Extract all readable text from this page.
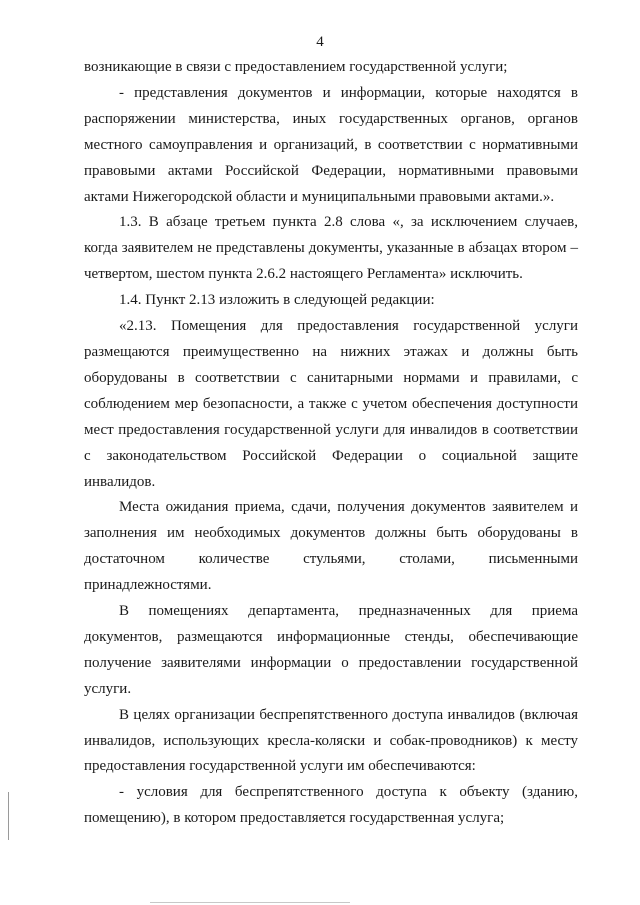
4

возникающие в связи с предоставлением государственной услуги;

- представления документов и информации, которые находятся в распоряжении министерства, иных государственных органов, органов местного самоуправления и организаций, в соответствии с нормативными правовыми актами Российской Федерации, нормативными правовыми актами Нижегородской области и муниципальными правовыми актами.».

1.3. В абзаце третьем пункта 2.8 слова «, за исключением случаев, когда заявителем не представлены документы, указанные в абзацах втором – четвертом, шестом пункта 2.6.2 настоящего Регламента» исключить.

1.4. Пункт 2.13 изложить в следующей редакции:

«2.13. Помещения для предоставления государственной услуги размещаются преимущественно на нижних этажах и должны быть оборудованы в соответствии с санитарными нормами и правилами, с соблюдением мер безопасности, а также с учетом обеспечения доступности мест предоставления государственной услуги для инвалидов в соответствии с законодательством Российской Федерации о социальной защите инвалидов.

Места ожидания приема, сдачи, получения документов заявителем и заполнения им необходимых документов должны быть оборудованы в достаточном количестве стульями, столами, письменными принадлежностями.

В помещениях департамента, предназначенных для приема документов, размещаются информационные стенды, обеспечивающие получение заявителями информации о предоставлении государственной услуги.

В целях организации беспрепятственного доступа инвалидов (включая инвалидов, использующих кресла-коляски и собак-проводников) к месту предоставления государственной услуги им обеспечиваются:

- условия для беспрепятственного доступа к объекту (зданию, помещению), в котором предоставляется государственная услуга;
